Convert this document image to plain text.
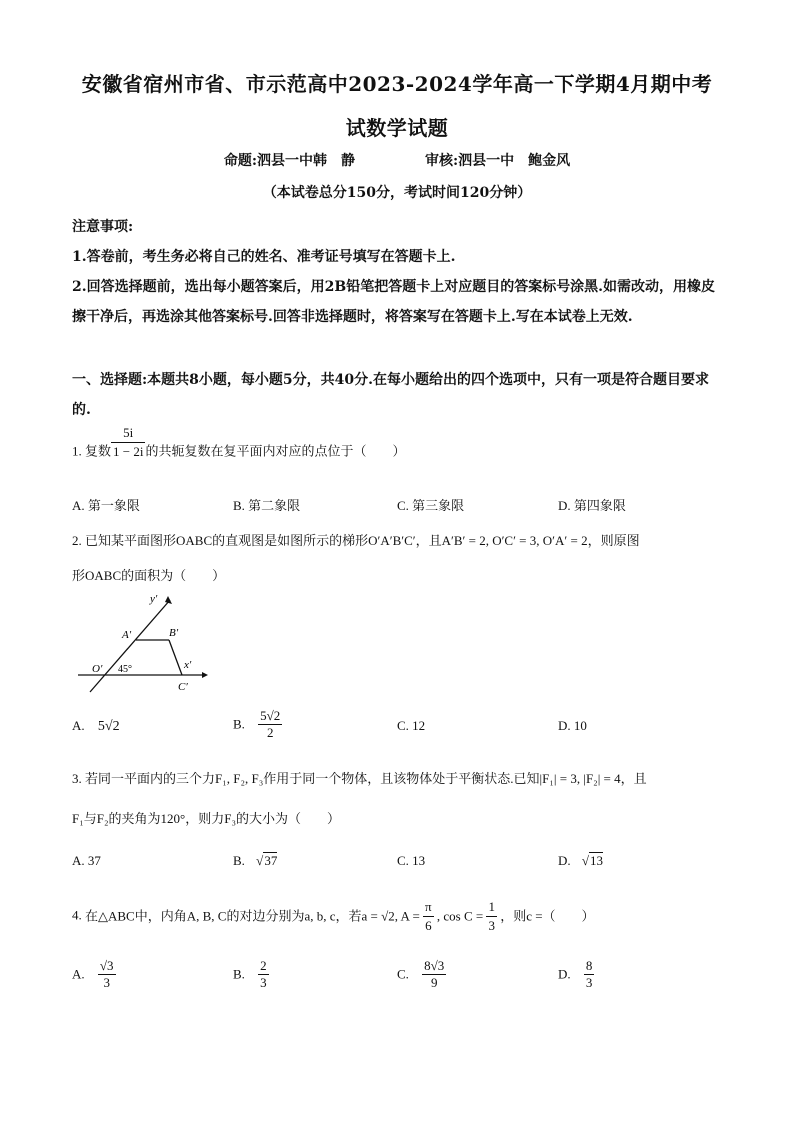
安徽省宿州市省、市示范高中2023-2024学年高一下学期4月期中考
试数学试题
命题:泗县一中韩　静	审核:泗县一中　鲍金风
（本试卷总分150分，考试时间120分钟）
注意事项:
1.答卷前，考生务必将自己的姓名、准考证号填写在答题卡上.
2.回答选择题前，选出每小题答案后，用2B铅笔把答题卡上对应题目的答案标号涂黑.如需改动，用橡皮擦干净后，再选涂其他答案标号.回答非选择题时，将答案写在答题卡上.写在本试卷上无效.
一、选择题:本题共8小题，每小题5分，共40分.在每小题给出的四个选项中，只有一项是符合题目要求的.
1. 复数 $\frac{5i}{1 - 2i}$ 的共轭复数在复平面内对应的点位于（　　）
A. 第一象限	B. 第二象限	C. 第三象限	D. 第四象限
2. 已知某平面图形OABC的直观图是如图所示的梯形O′A′B′C′，且A′B′ = 2, O′C′ = 3, O′A′ = 2，则原图
形OABC的面积为（　　）
y′
A′	B′
O′ 45°	x′
C′
A. 5√2	B. $\frac{5√2}{2}$	C. 12	D. 10
3. 若同一平面内的三个力F₁, F₂, F₃作用于同一个物体，且该物体处于平衡状态.已知|F₁| = 3, |F₂| = 4，且
F₁与F₂的夹角为120°，则力F₃的大小为（　　）
A. 37	B. √37	C. 13	D. √13
4. 在△ABC中，内角A, B, C的对边分别为a, b, c，若a = √2, $A = \frac{\pi}{6}$ , $\cos C = \frac{1}{3}$ ，则c =（　　）
A. $\frac{√3}{3}$	B. $\frac{2}{3}$	C. $\frac{8√3}{9}$	D. $\frac{8}{3}$
